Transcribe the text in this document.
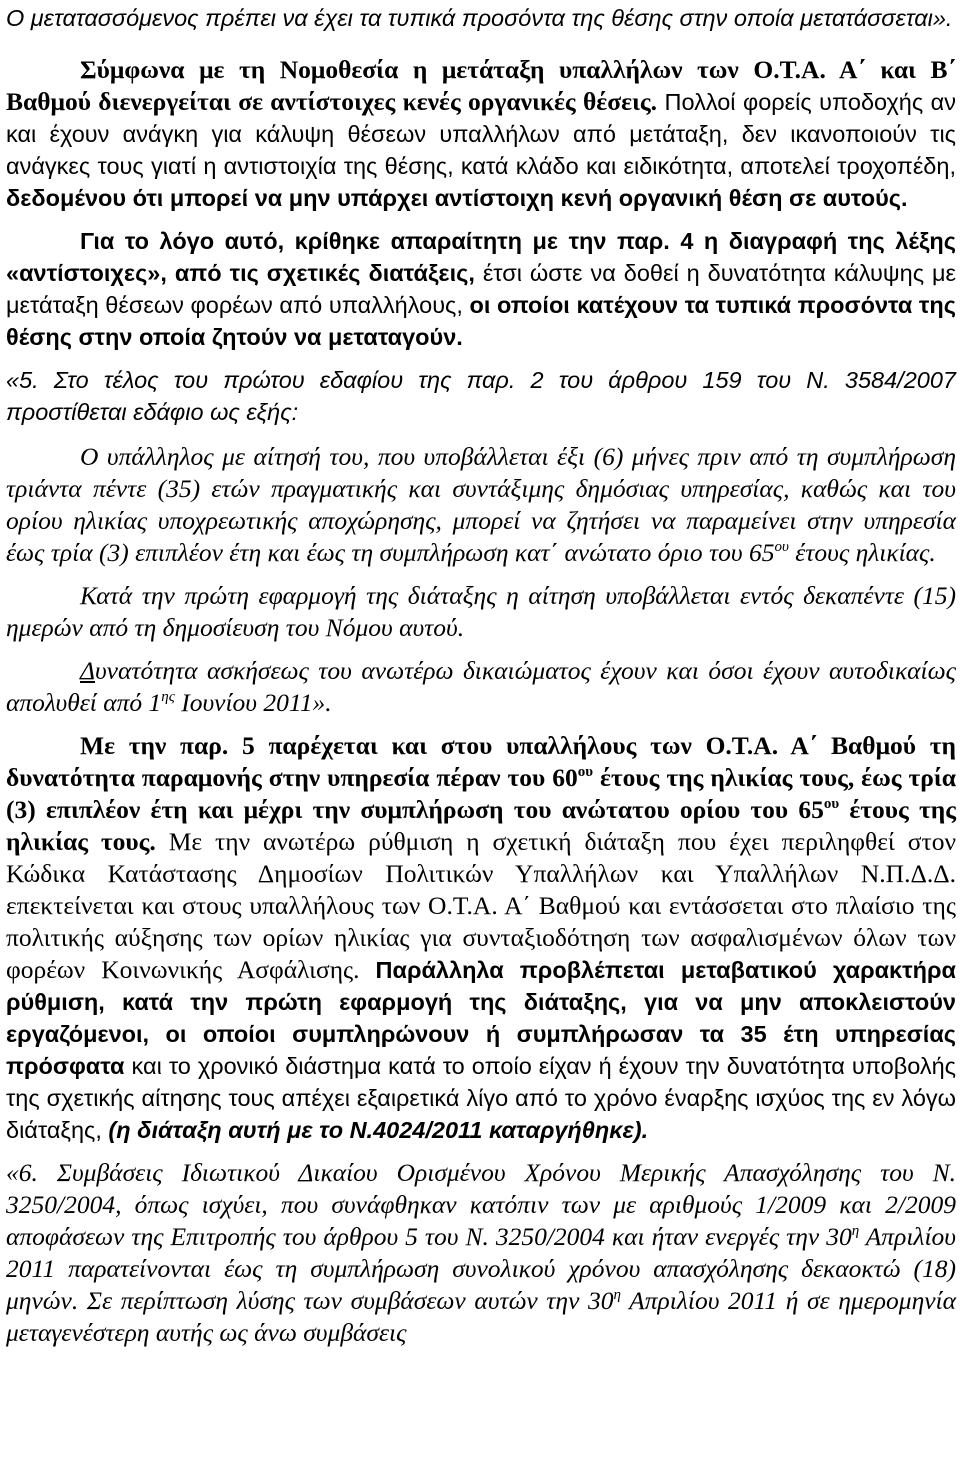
Ο μετατασσόμενος πρέπει να έχει τα τυπικά προσόντα της θέσης στην οποία μετατάσσεται».

Σύμφωνα με τη Νομοθεσία η μετάταξη υπαλλήλων των Ο.Τ.Α. Α΄ και Β΄ Βαθμού διενεργείται σε αντίστοιχες κενές οργανικές θέσεις. Πολλοί φορείς υποδοχής αν και έχουν ανάγκη για κάλυψη θέσεων υπαλλήλων από μετάταξη, δεν ικανοποιούν τις ανάγκες τους γιατί η αντιστοιχία της θέσης, κατά κλάδο και ειδικότητα, αποτελεί τροχοπέδη, δεδομένου ότι μπορεί να μην υπάρχει αντίστοιχη κενή οργανική θέση σε αυτούς.

Για το λόγο αυτό, κρίθηκε απαραίτητη με την παρ. 4 η διαγραφή της λέξης «αντίστοιχες», από τις σχετικές διατάξεις, έτσι ώστε να δοθεί η δυνατότητα κάλυψης με μετάταξη θέσεων φορέων από υπαλλήλους, οι οποίοι κατέχουν τα τυπικά προσόντα της θέσης στην οποία ζητούν να μεταταγούν.

«5. Στο τέλος του πρώτου εδαφίου της παρ. 2 του άρθρου 159 του Ν. 3584/2007 προστίθεται εδάφιο ως εξής:

Ο υπάλληλος με αίτησή του, που υποβάλλεται έξι (6) μήνες πριν από τη συμπλήρωση τριάντα πέντε (35) ετών πραγματικής και συντάξιμης δημόσιας υπηρεσίας, καθώς και του ορίου ηλικίας υποχρεωτικής αποχώρησης, μπορεί να ζητήσει να παραμείνει στην υπηρεσία έως τρία (3) επιπλέον έτη και έως τη συμπλήρωση κατ΄ ανώτατο όριο του $65^{o\upsilon}$ έτους ηλικίας.

Κατά την πρώτη εφαρμογή της διάταξης η αίτηση υποβάλλεται εντός δεκαπέντε (15) ημερών από τη δημοσίευση του Νόμου αυτού.

Δυνατότητα ασκήσεως του ανωτέρω δικαιώματος έχουν και όσοι έχουν αυτοδικαίως απολυθεί από $1^{\eta\varsigma}$ Ιουνίου 2011».

Με την παρ. 5 παρέχεται και στου υπαλλήλους των Ο.Τ.Α. Α΄ Βαθμού τη δυνατότητα παραμονής στην υπηρεσία πέραν του $60^{o\upsilon}$ έτους της ηλικίας τους, έως τρία (3) επιπλέον έτη και μέχρι την συμπλήρωση του ανώτατου ορίου του $65^{o\upsilon}$ έτους της ηλικίας τους. Με την ανωτέρω ρύθμιση η σχετική διάταξη που έχει περιληφθεί στον Κώδικα Κατάστασης Δημοσίων Πολιτικών Υπαλλήλων και Υπαλλήλων Ν.Π.Δ.Δ. επεκτείνεται και στους υπαλλήλους των Ο.Τ.Α. Α΄ Βαθμού και εντάσσεται στο πλαίσιο της πολιτικής αύξησης των ορίων ηλικίας για συνταξιοδότηση των ασφαλισμένων όλων των φορέων Κοινωνικής Ασφάλισης. Παράλληλα προβλέπεται μεταβατικού χαρακτήρα ρύθμιση, κατά την πρώτη εφαρμογή της διάταξης, για να μην αποκλειστούν εργαζόμενοι, οι οποίοι συμπληρώνουν ή συμπλήρωσαν τα 35 έτη υπηρεσίας πρόσφατα και το χρονικό διάστημα κατά το οποίο είχαν ή έχουν την δυνατότητα υποβολής της σχετικής αίτησης τους απέχει εξαιρετικά λίγο από το χρόνο έναρξης ισχύος της εν λόγω διάταξης, (η διάταξη αυτή με το Ν.4024/2011 καταργήθηκε).

«6. Συμβάσεις Ιδιωτικού Δικαίου Ορισμένου Χρόνου Μερικής Απασχόλησης του Ν. 3250/2004, όπως ισχύει, που συνάφθηκαν κατόπιν των με αριθμούς 1/2009 και 2/2009 αποφάσεων της Επιτροπής του άρθρου 5 του Ν. 3250/2004 και ήταν ενεργές την $30^\eta$ Απριλίου 2011 παρατείνονται έως τη συμπλήρωση συνολικού χρόνου απασχόλησης δεκαοκτώ (18) μηνών. Σε περίπτωση λύσης των συμβάσεων αυτών την $30^\eta$ Απριλίου 2011 ή σε ημερομηνία μεταγενέστερη αυτής ως άνω συμβάσεις
